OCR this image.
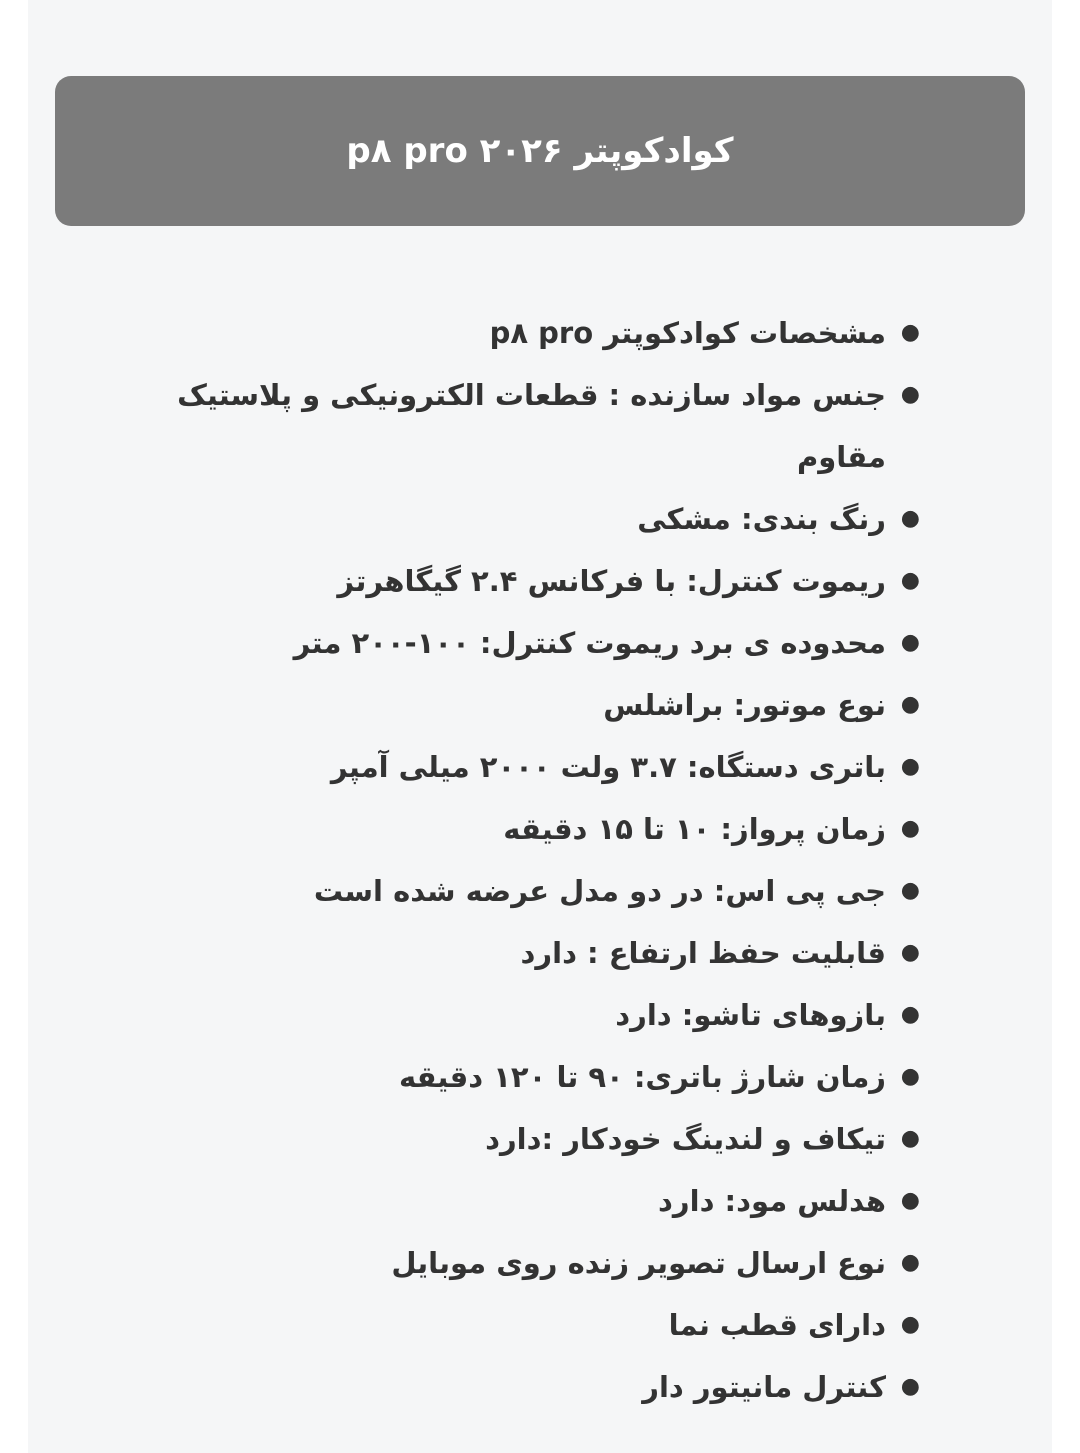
کوادکوپتر ۲۰۲۶ p۸ pro
●
مشخصات کوادکوپتر p۸ pro
●
جنس مواد سازنده : قطعات الکترونیکی و پلاستیک مقاوم
●
رنگ بندی: مشکی
●
ریموت کنترل: با فرکانس ۲.۴ گیگاهرتز
●
محدوده ی برد ریموت کنترل: ۱۰۰-۲۰۰ متر
●
نوع موتور: براشلس
●
باتری دستگاه: ۳.۷ ولت ۲۰۰۰ میلی آمپر
●
زمان پرواز: ۱۰ تا ۱۵ دقیقه
●
جی پی اس: در دو مدل عرضه شده است
●
قابلیت حفظ ارتفاع : دارد
●
بازوهای تاشو: دارد
●
زمان شارژ باتری: ۹۰ تا ۱۲۰ دقیقه
●
تیکاف و لندینگ خودکار :دارد
●
هدلس مود: دارد
●
نوع ارسال تصویر زنده روی موبایل
●
دارای قطب نما
●
کنترل مانیتور دار
